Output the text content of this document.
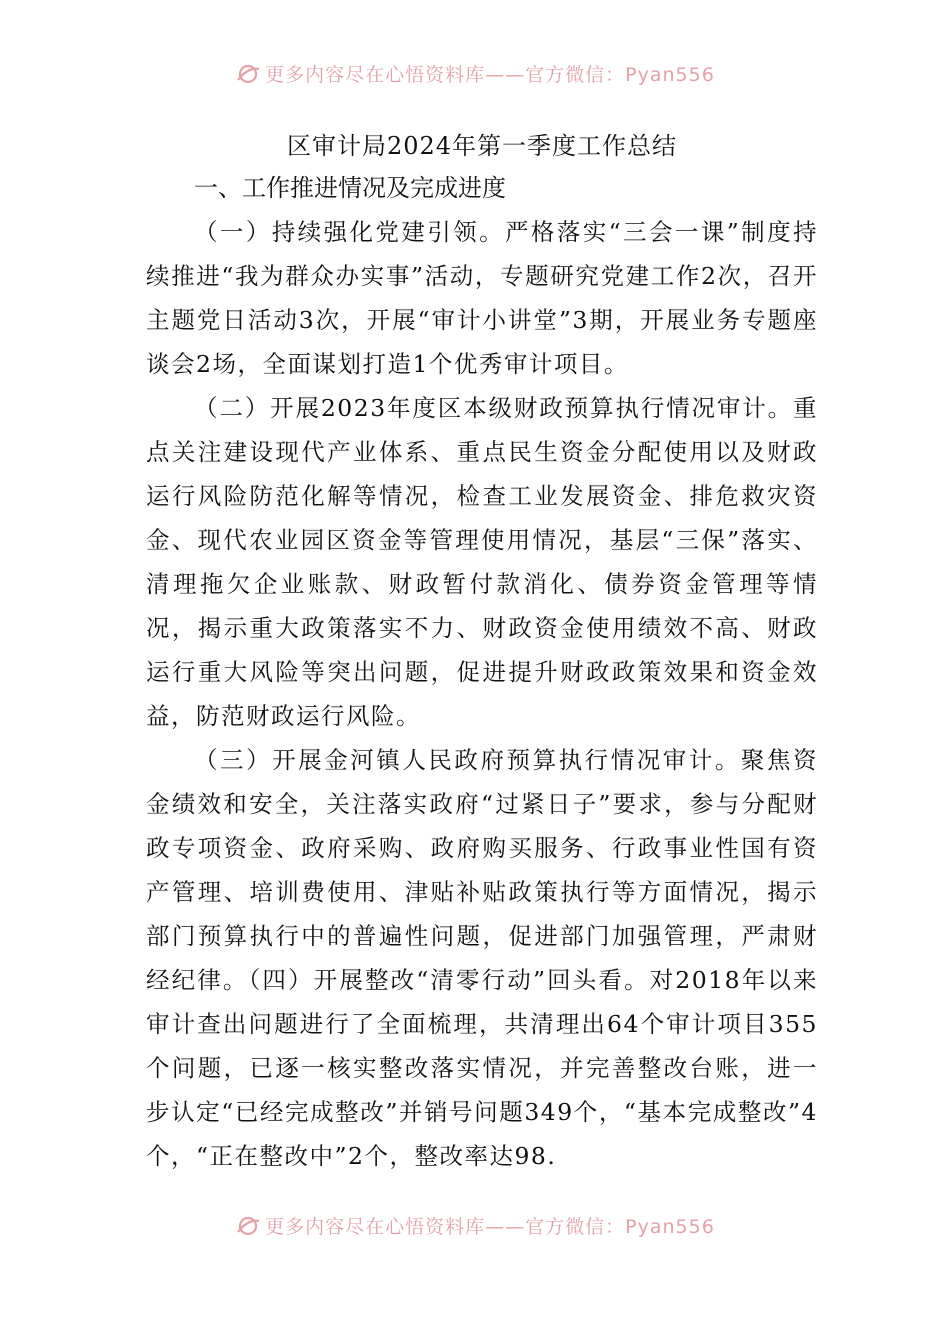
更多内容尽在心悟资料库——官方微信：Pyan556
区审计局2024年第一季度工作总结
一、工作推进情况及完成进度

（一）持续强化党建引领。严格落实“三会一课”制度持续推进“我为群众办实事”活动，专题研究党建工作2次，召开主题党日活动3次，开展“审计小讲堂”3期，开展业务专题座谈会2场，全面谋划打造1个优秀审计项目。

（二）开展2023年度区本级财政预算执行情况审计。重点关注建设现代产业体系、重点民生资金分配使用以及财政运行风险防范化解等情况，检查工业发展资金、排危救灾资金、现代农业园区资金等管理使用情况，基层“三保”落实、清理拖欠企业账款、财政暂付款消化、债券资金管理等情况，揭示重大政策落实不力、财政资金使用绩效不高、财政运行重大风险等突出问题，促进提升财政政策效果和资金效益，防范财政运行风险。

（三）开展金河镇人民政府预算执行情况审计。聚焦资金绩效和安全，关注落实政府“过紧日子”要求，参与分配财政专项资金、政府采购、政府购买服务、行政事业性国有资产管理、培训费使用、津贴补贴政策执行等方面情况，揭示部门预算执行中的普遍性问题，促进部门加强管理，严肃财经纪律。（四）开展整改“清零行动”回头看。对2018年以来审计查出问题进行了全面梳理，共清理出64个审计项目355个问题，已逐一核实整改落实情况，并完善整改台账，进一步认定“已经完成整改”并销号问题349个，“基本完成整改”4个，“正在整改中”2个，整改率达98.

更多内容尽在心悟资料库——官方微信：Pyan556
